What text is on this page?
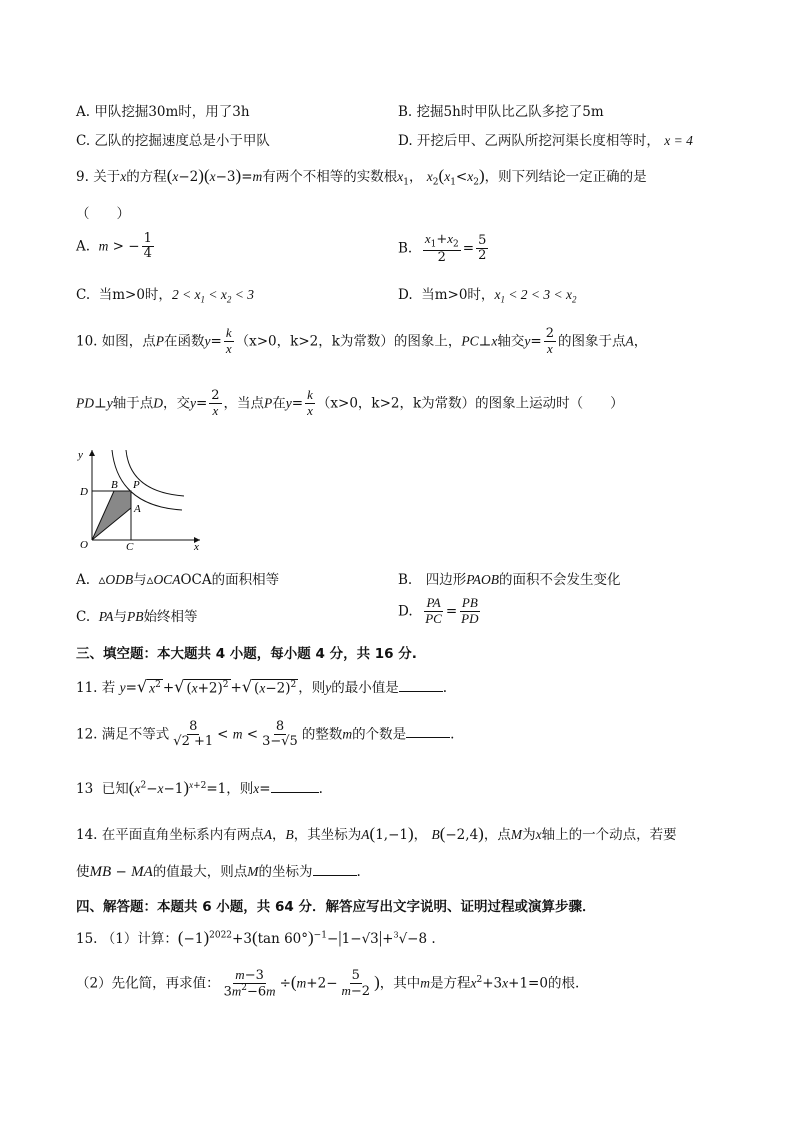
A. 甲队挖掘30m时，用了3h	B. 挖掘5h时甲队比乙队多挖了5m
C. 乙队的挖掘速度总是小于甲队	D. 开挖后甲、乙两队所挖河渠长度相等时， x = 4
9. 关于x的方程(x−2)(x−3)=m有两个不相等的实数根$x_1$， $x_2(x_1<x_2)$，则下列结论一定正确的是
（　　）
A. m > − $\frac{1}{4}$	B. $\frac{x_1+x_2}{2} = \frac{5}{2}$
C. 当m>0时，$2 < x_1 < x_2 < 3$	D. 当m>0时，$x_1 < 2 < 3 < x_2$
10. 如图，点P在函数$y= \frac{k}{x} (x>0$，k>2，k为常数）的图象上，PC⊥x轴交$y= \frac{2}{x}$ 的图象于点A，
PD⊥y轴于点D，交$y= \frac{2}{x}$ ，当点P在$y= \frac{k}{x} (x>0$，k>2，k为常数）的图象上运动时（　　）
y
x
D
B P
A
O	C
A.  ▵ODB与▵OCAOCA的面积相等	B.　四边形PAOB的面积不会发生变化
C. PA与PB始终相等	D. $\frac{PA}{PC} = \frac{PB}{PD}$
三、填空题：本大题共 4 小题，每小题 4 分，共 16 分.
11. 若 y=√ $x^2$ +√ $(x+2)^2$ +√ $(x-2)^2$ ，则y的最小值是	.
12. 满足不等式 $\frac{8}{√2 +1} < m < \frac{8}{3-√5}$ 的整数m的个数是	.
13 已知$(x^2-x-1)^{x+2}=1$，则x=	.
14. 在平面直角坐标系内有两点A，B，其坐标为A(1,−1)， B(−2,4)，点M为x轴上的一个动点，若要
使MB − MA的值最大，则点M的坐标为	.
四、解答题：本题共 6 小题，共 64 分．解答应写出文字说明、证明过程或演算步骤．
15. （1）计算：$(-1)^{2022}+3(\tan$ 60°)$^{-1}$−|1−√3|+$^3$√−8 .
（2）先化简，再求值： $\frac{m-3}{3m^2-6m} \div(m+2- \frac{5}{m-2}$ )，其中m是方程$x^2+3x+1=0$的根.
